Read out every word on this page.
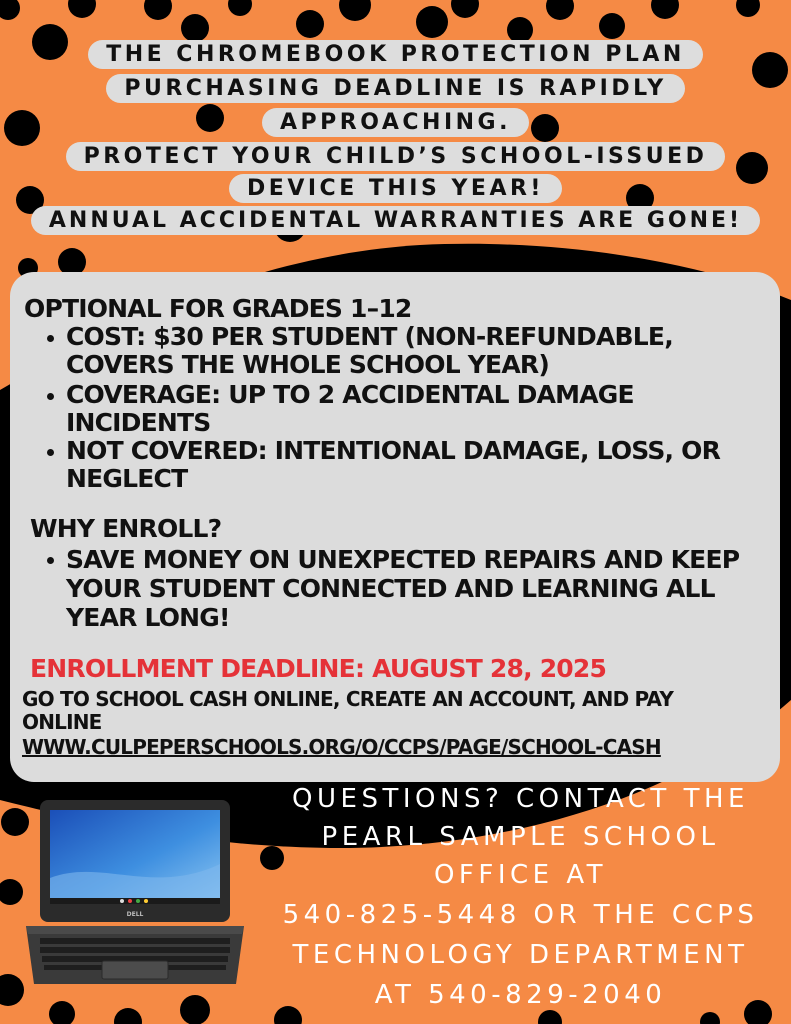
THE CHROMEBOOK PROTECTION PLAN
PURCHASING DEADLINE IS RAPIDLY
APPROACHING.
PROTECT YOUR CHILD’S SCHOOL-ISSUED
DEVICE THIS YEAR!
ANNUAL ACCIDENTAL WARRANTIES ARE GONE!
OPTIONAL FOR GRADES 1–12
COST: $30 PER STUDENT (NON-REFUNDABLE,
COVERS THE WHOLE SCHOOL YEAR)
COVERAGE: UP TO 2 ACCIDENTAL DAMAGE
INCIDENTS
NOT COVERED: INTENTIONAL DAMAGE, LOSS, OR
NEGLECT
WHY ENROLL?
SAVE MONEY ON UNEXPECTED REPAIRS AND KEEP
YOUR STUDENT CONNECTED AND LEARNING ALL
YEAR LONG!
ENROLLMENT DEADLINE: AUGUST 28, 2025
GO TO SCHOOL CASH ONLINE, CREATE AN ACCOUNT, AND PAY
ONLINE
WWW.CULPEPERSCHOOLS.ORG/O/CCPS/PAGE/SCHOOL-CASH
QUESTIONS? CONTACT THE
PEARL SAMPLE SCHOOL
OFFICE AT
540-825-5448 OR THE CCPS
TECHNOLOGY DEPARTMENT
AT 540-829-2040
DELL
